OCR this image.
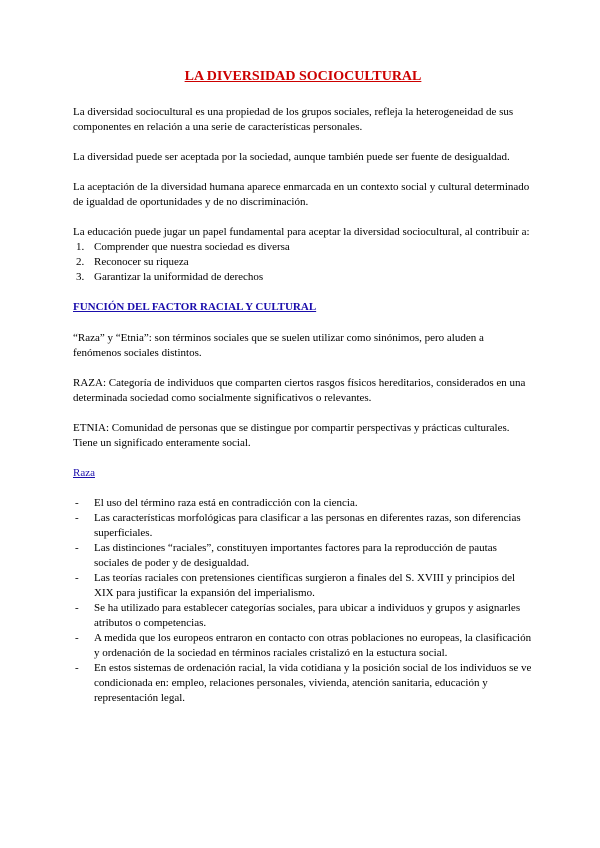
LA DIVERSIDAD SOCIOCULTURAL

La diversidad sociocultural es una propiedad de los grupos sociales, refleja la heterogeneidad de sus componentes en relación a una serie de características personales.

La diversidad puede ser aceptada por la sociedad, aunque también puede ser fuente de desigualdad.

La aceptación de la diversidad humana aparece enmarcada en un contexto social y cultural determinado de igualdad de oportunidades y de no discriminación.

La educación puede jugar un papel fundamental para aceptar la diversidad sociocultural, al contribuir a:

1. Comprender que nuestra sociedad es diversa
2. Reconocer su riqueza
3. Garantizar la uniformidad de derechos
FUNCIÓN DEL FACTOR RACIAL Y CULTURAL

“Raza” y “Etnia”: son términos sociales que se suelen utilizar como sinónimos, pero aluden a fenómenos sociales distintos.

RAZA: Categoría de individuos que comparten ciertos rasgos físicos hereditarios, considerados en una determinada sociedad como socialmente significativos o relevantes.

ETNIA: Comunidad de personas que se distingue por compartir perspectivas y prácticas culturales. Tiene un significado enteramente social.

Raza
- El uso del término raza está en contradicción con la ciencia.
- Las características morfológicas para clasificar a las personas en diferentes razas, son diferencias superficiales.
- Las distinciones “raciales”, constituyen importantes factores para la reproducción de pautas sociales de poder y de desigualdad.
- Las teorías raciales con pretensiones científicas surgieron a finales del S. XVIII y principios del XIX para justificar la expansión del imperialismo.
- Se ha utilizado para establecer categorías sociales, para ubicar a individuos y grupos y asignarles atributos o competencias.
- A medida que los europeos entraron en contacto con otras poblaciones no europeas, la clasificación y ordenación de la sociedad en términos raciales cristalizó en la estuctura social.
- En estos sistemas de ordenación racial, la vida cotidiana y la posición social de los individuos se ve condicionada en: empleo, relaciones personales, vivienda, atención sanitaria, educación y representación legal.
